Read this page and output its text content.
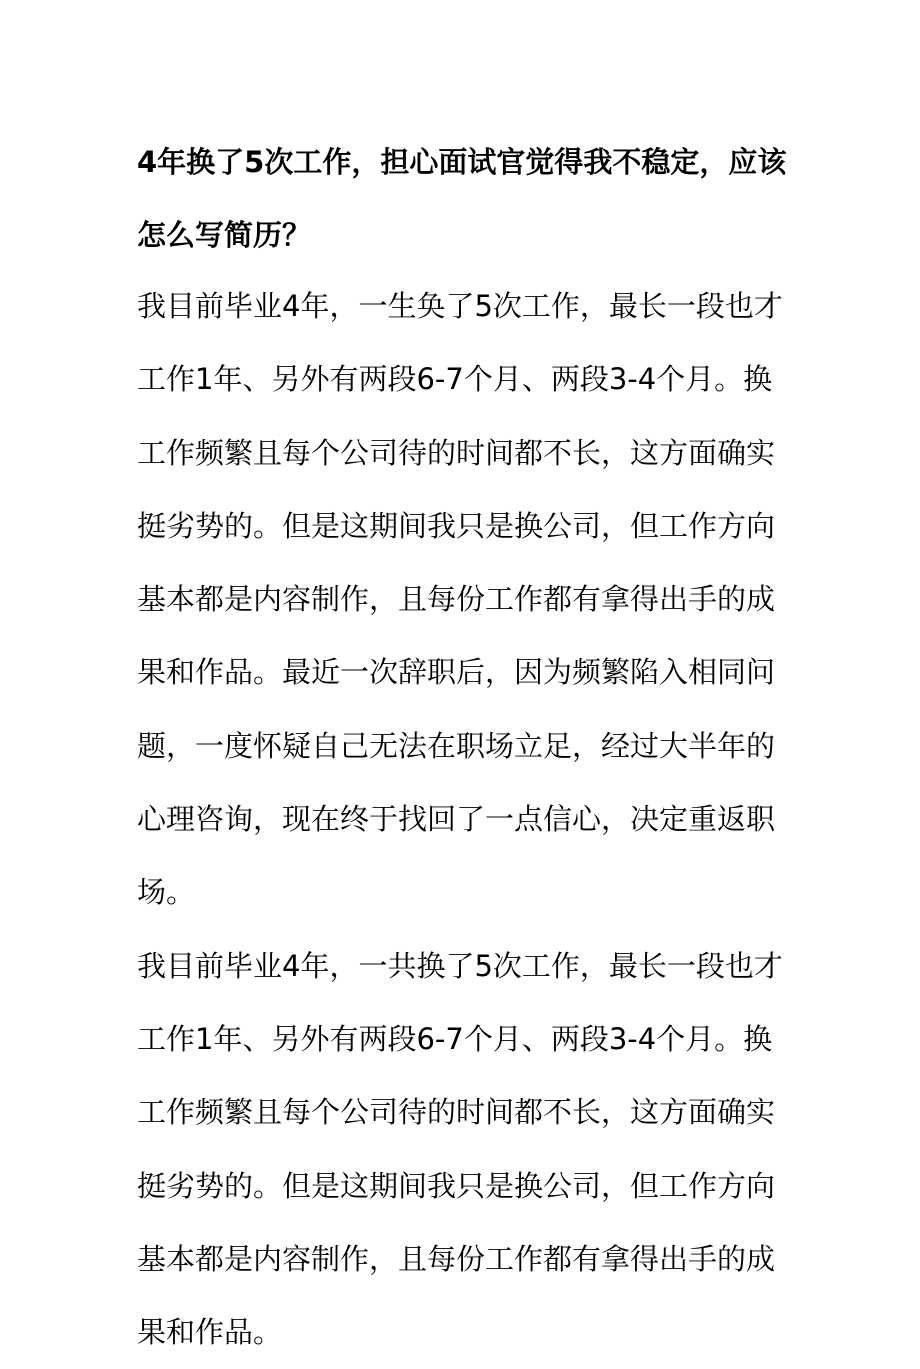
4年换了5次工作，担心面试官觉得我不稳定，应该怎么写简历？

我目前毕业4年，一生奂了5次工作，最长一段也才工作1年、另外有两段6-7个月、两段3-4个月。换工作频繁且每个公司待的时间都不长，这方面确实挺劣势的。但是这期间我只是换公司，但工作方向基本都是内容制作，且每份工作都有拿得出手的成果和作品。最近一次辞职后，因为频繁陷入相同问题，一度怀疑自己无法在职场立足，经过大半年的心理咨询，现在终于找回了一点信心，决定重返职场。

我目前毕业4年，一共换了5次工作，最长一段也才工作1年、另外有两段6-7个月、两段3-4个月。换工作频繁且每个公司待的时间都不长，这方面确实挺劣势的。但是这期间我只是换公司，但工作方向基本都是内容制作，且每份工作都有拿得出手的成果和作品。
